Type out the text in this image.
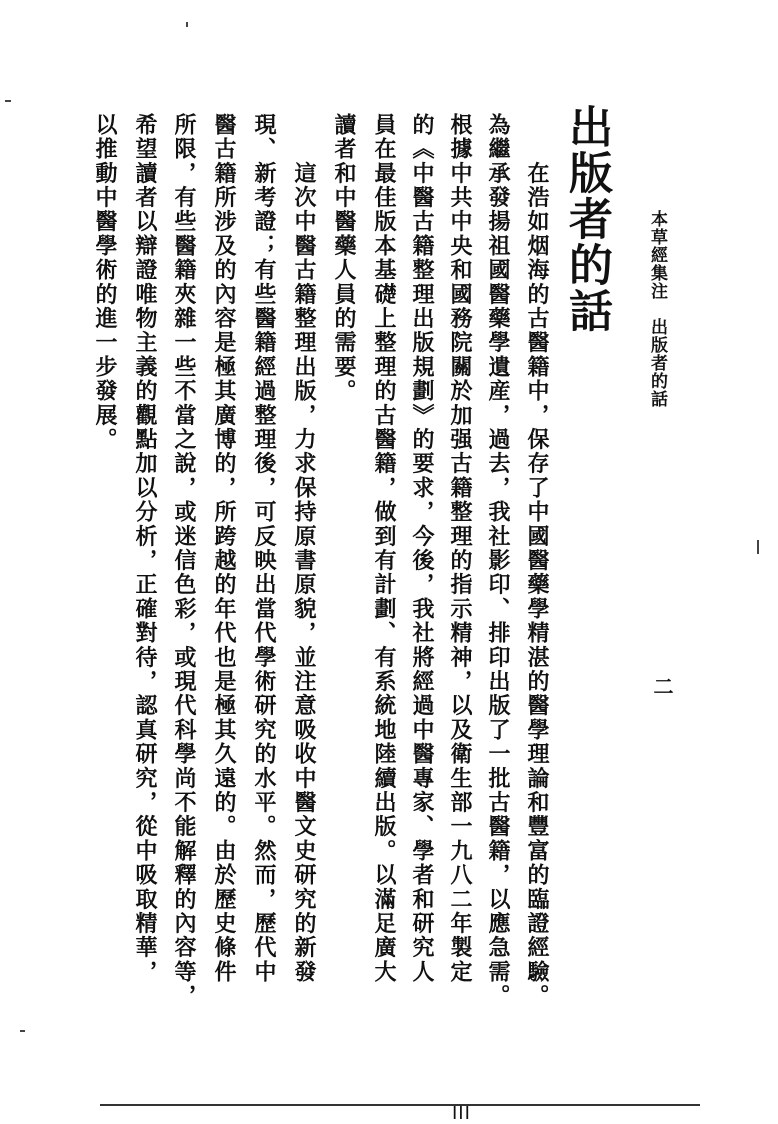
本草經集注出版者的話
二
出版者的話
　　在浩如烟海的古醫籍中，保存了中國醫藥學精湛的醫學理論和豐富的臨證經驗。
為繼承發揚祖國醫藥學遺産，過去，我社影印、排印出版了一批古醫籍，以應急需。
根據中共中央和國務院關於加强古籍整理的指示精神，以及衛生部一九八二年製定
的《中醫古籍整理出版規劃》的要求，今後，我社將經過中醫專家、學者和研究人
員在最佳版本基礎上整理的古醫籍，做到有計劃、有系統地陸續出版。以滿足廣大
讀者和中醫藥人員的需要。
　　這次中醫古籍整理出版，力求保持原書原貌，並注意吸收中醫文史研究的新發
現、新考證；有些醫籍經過整理後，可反映出當代學術研究的水平。然而，歷代中
醫古籍所涉及的內容是極其廣博的，所跨越的年代也是極其久遠的。由於歷史條件
所限，有些醫籍夾雜一些不當之說，或迷信色彩，或現代科學尚不能解釋的內容等，
希望讀者以辯證唯物主義的觀點加以分析，正確對待，認真研究，從中吸取精華，
以推動中醫學術的進一步發展。
III
